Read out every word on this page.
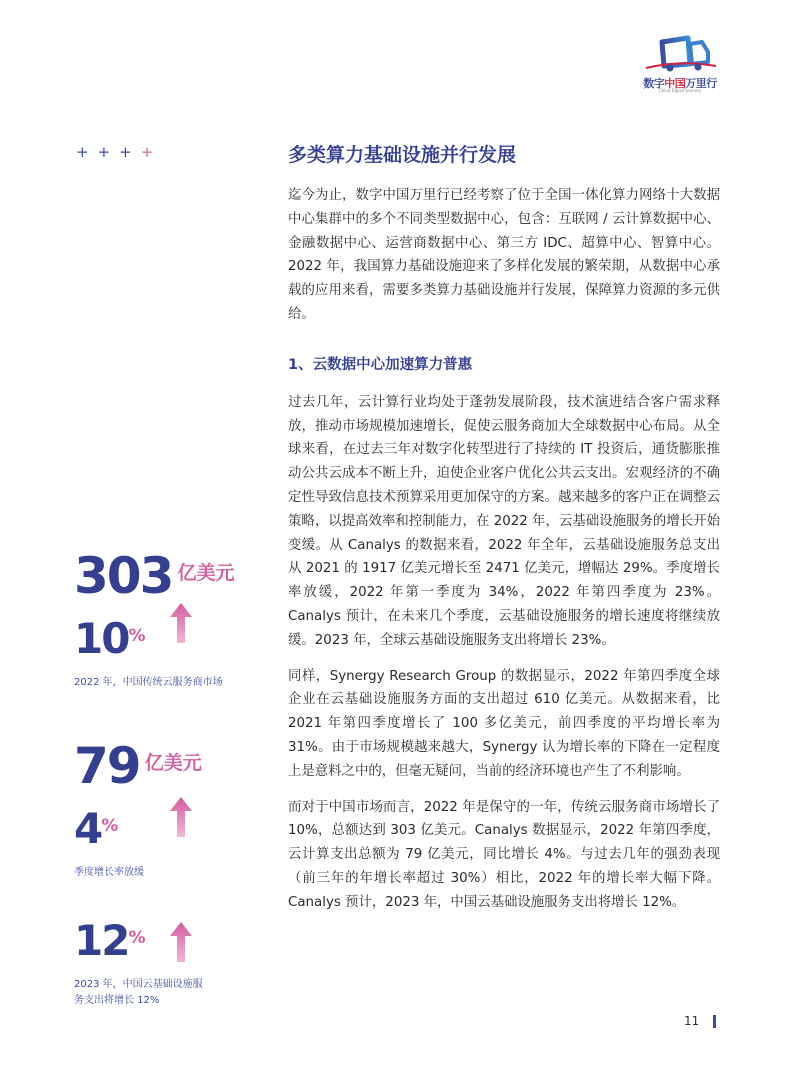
数字中国万里行
China Digital Journey
++++	多类算力基础设施并行发展

迄今为止，数字中国万里行已经考察了位于全国一体化算力网络十大数据中心集群中的多个不同类型数据中心，包含：互联网 / 云计算数据中心、金融数据中心、运营商数据中心、第三方 IDC、超算中心、智算中心。2022 年，我国算力基础设施迎来了多样化发展的繁荣期，从数据中心承载的应用来看，需要多类算力基础设施并行发展，保障算力资源的多元供给。

1、云数据中心加速算力普惠

过去几年，云计算行业均处于蓬勃发展阶段，技术演进结合客户需求释放，推动市场规模加速增长，促使云服务商加大全球数据中心布局。从全球来看，在过去三年对数字化转型进行了持续的 IT 投资后，通货膨胀推动公共云成本不断上升，迫使企业客户优化公共云支出。宏观经济的不确定性导致信息技术预算采用更加保守的方案。越来越多的客户正在调整云策略，以提高效率和控制能力，在 2022 年，云基础设施服务的增长开始变缓。从 Canalys 的数据来看，2022 年全年，云基础设施服务总支出从 2021 的 1917 亿美元增长至 2471 亿美元，增幅达 29%。季度增长率放缓，2022 年第一季度为 34%，2022 年第四季度为 23%。Canalys 预计，在未来几个季度，云基础设施服务的增长速度将继续放缓。2023 年，全球云基础设施服务支出将增长 23%。

同样，Synergy Research Group 的数据显示，2022 年第四季度全球企业在云基础设施服务方面的支出超过 610 亿美元。从数据来看，比 2021 年第四季度增长了 100 多亿美元，前四季度的平均增长率为 31%。由于市场规模越来越大，Synergy 认为增长率的下降在一定程度上是意料之中的，但毫无疑问，当前的经济环境也产生了不利影响。

而对于中国市场而言，2022 年是保守的一年，传统云服务商市场增长了 10%，总额达到 303 亿美元。Canalys 数据显示，2022 年第四季度，云计算支出总额为 79 亿美元，同比增长 4%。与过去几年的强劲表现（前三年的年增长率超过 30%）相比，2022 年的增长率大幅下降。Canalys 预计，2023 年，中国云基础设施服务支出将增长 12%。

303 亿美元
10%
2022 年，中国传统云服务商市场
79 亿美元
4%
季度增长率放缓
12%
2023 年，中国云基础设施服
务支出将增长 12%
11
